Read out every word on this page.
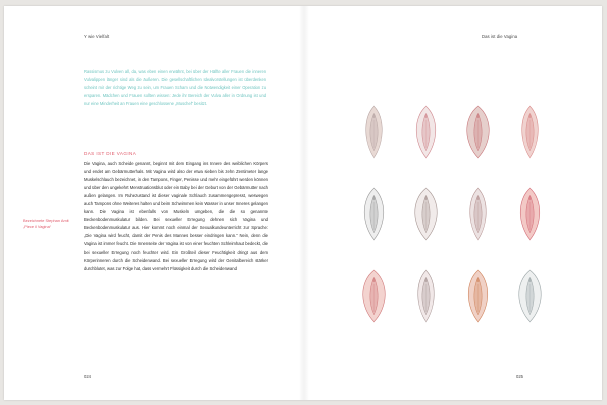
Y wie Vielfalt

Rassismus zu Vulven all, da, was eben einen erwähnt, bei über der Hälfte aller Frauen die inneren Vulvalippen länger sind als die äußeren. Die gesellschaftlichen Idealvorstellungen ist überdenken scheint mir der richtige Weg zu sein, um Frauen Scham und die Notwendigkeit einer Operation zu ersparen. Mädchen und Frauen sollten wissen: Jede ihr Bereich der Vulva aller in Ordnung ist und nur eine Minderheit an Frauen eine geschlossene „Muschel“ besitzt.

DAS IST DIE VAGINA

Die Vagina, auch Scheide genannt, beginnt mit dem Eingang ins Innere des weiblichen Körpers und endet am Gebärmutterhals. Mit Vagina wird also der etwa sieben bis zehn Zentimeter lange Muskelschlauch bezeichnet, in den Tampons, Finger, Penisse und mehr eingeführt werden können und über den ungekehrt Menstruationsblut oder ein Baby bei der Geburt von der Gebärmutter nach außen gelangen. Im Ruhezustand ist dieser vaginale Schlauch zusammengepresst, weswegen auch Tampons ohne Weiteres halten und beim Schwimmen kein Wasser in unser Inneres gelangen kann. Die Vagina ist ebenfalls von Muskeln umgeben, die die so genannte Beckenbodenmuskulatur bilden. Bei sexueller Erregung dehnen sich Vagina und Beckenbodenmuskulatur aus. Hier kommt noch einmal der Sexualkundeunterricht zur Sprache: „Die Vagina wird feucht, damit der Penis des Mannes besser eindringen kann.“ Nein, denn die Vagina ist immer feucht. Die Innenseite der Vagina ist von einer feuchten Schleimhaut bedeckt, die bei sexueller Erregung noch feuchter wird. Ein Großteil dieser Feuchtigkeit dringt aus dem Körperinneren durch die Scheidenwand. Bei sexueller Erregung wird der Genitalbereich stärker durchblutet, was zur Folge hat, dass vermehrt Flüssigkeit durch die Scheidenwand

Bezeichnete Stephan Amit „Piece il Vagina“
024
Das ist die Vagina
025
